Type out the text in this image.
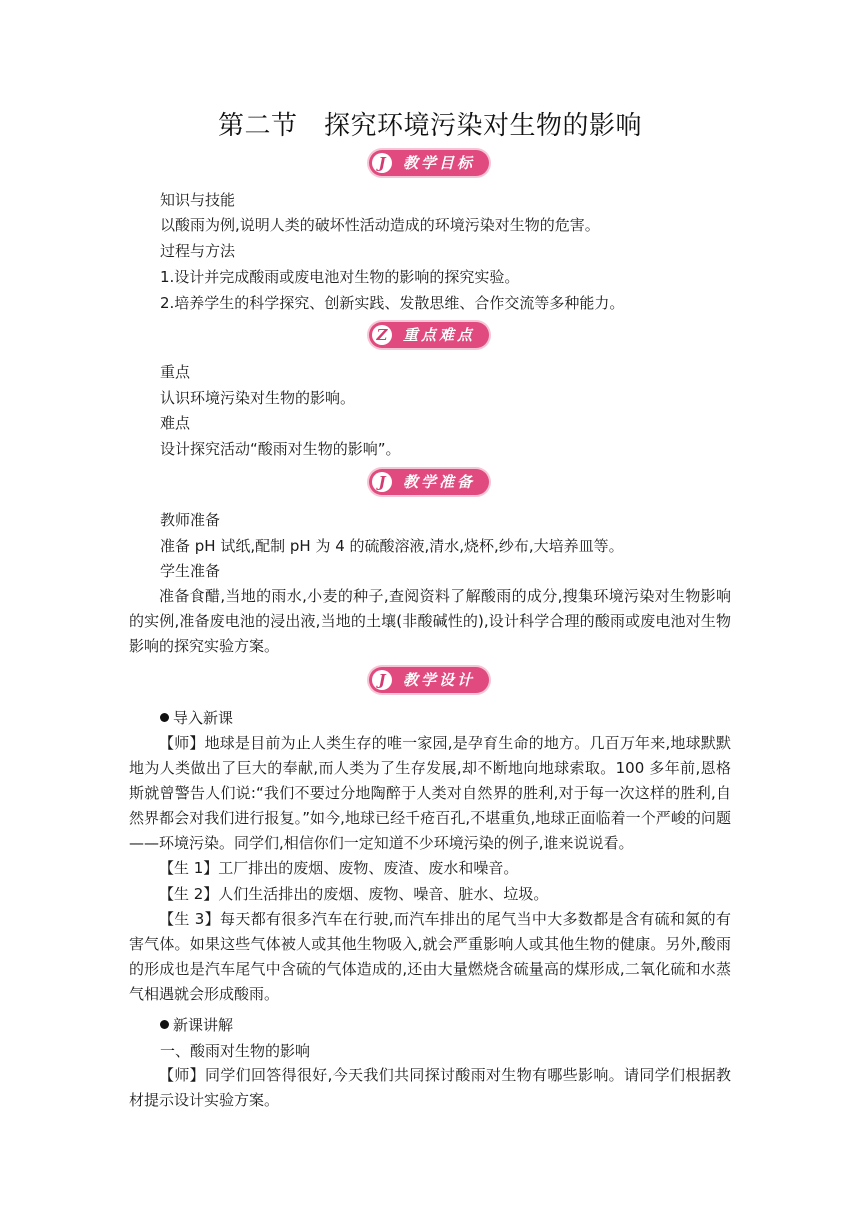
第二节　探究环境污染对生物的影响
J	教学目标
知识与技能
以酸雨为例,说明人类的破坏性活动造成的环境污染对生物的危害。
过程与方法
1.设计并完成酸雨或废电池对生物的影响的探究实验。
2.培养学生的科学探究、创新实践、发散思维、合作交流等多种能力。
Z	重点难点
重点
认识环境污染对生物的影响。
难点
设计探究活动“酸雨对生物的影响”。
J	教学准备
教师准备
准备 pH 试纸,配制 pH 为 4 的硫酸溶液,清水,烧杯,纱布,大培养皿等。
学生准备
准备食醋,当地的雨水,小麦的种子,查阅资料了解酸雨的成分,搜集环境污染对生物影响的实例,准备废电池的浸出液,当地的土壤(非酸碱性的),设计科学合理的酸雨或废电池对生物影响的探究实验方案。
J	教学设计
导入新课
【师】地球是目前为止人类生存的唯一家园,是孕育生命的地方。几百万年来,地球默默地为人类做出了巨大的奉献,而人类为了生存发展,却不断地向地球索取。100 多年前,恩格斯就曾警告人们说:“我们不要过分地陶醉于人类对自然界的胜利,对于每一次这样的胜利,自然界都会对我们进行报复。”如今,地球已经千疮百孔,不堪重负,地球正面临着一个严峻的问题——环境污染。同学们,相信你们一定知道不少环境污染的例子,谁来说说看。
【生 1】工厂排出的废烟、废物、废渣、废水和噪音。
【生 2】人们生活排出的废烟、废物、噪音、脏水、垃圾。
【生 3】每天都有很多汽车在行驶,而汽车排出的尾气当中大多数都是含有硫和氮的有害气体。如果这些气体被人或其他生物吸入,就会严重影响人或其他生物的健康。另外,酸雨的形成也是汽车尾气中含硫的气体造成的,还由大量燃烧含硫量高的煤形成,二氧化硫和水蒸气相遇就会形成酸雨。
新课讲解
一、酸雨对生物的影响
【师】同学们回答得很好,今天我们共同探讨酸雨对生物有哪些影响。请同学们根据教材提示设计实验方案。
